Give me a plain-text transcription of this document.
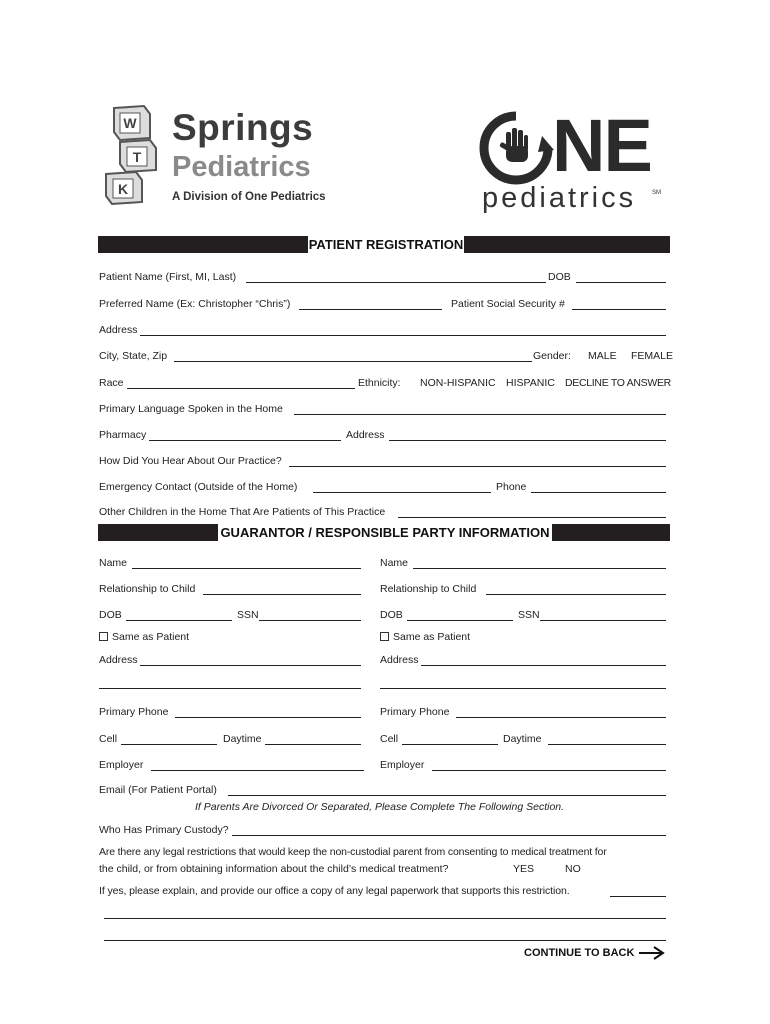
W
T
K
Springs
Pediatrics
A Division of One Pediatrics
NE
pediatrics	SM
PATIENT REGISTRATION
Patient Name (First, MI, Last)	DOB
Preferred Name (Ex: Christopher “Chris”)	Patient Social Security #
Address
City, State, Zip	Gender: MALE FEMALE
Race	Ethnicity: NON-HISPANIC HISPANIC DECLINE TO ANSWER
Primary Language Spoken in the Home
Pharmacy	Address
How Did You Hear About Our Practice?
Emergency Contact (Outside of the Home)	Phone
Other Children in the Home That Are Patients of This Practice
GUARANTOR / RESPONSIBLE PARTY INFORMATION
Name
Relationship to Child
DOB	SSN
Same as Patient
Address
Primary Phone
Cell	Daytime
Employer
Name
Relationship to Child
DOB	SSN
Same as Patient
Address
Primary Phone
Cell	Daytime
Employer
Email (For Patient Portal)
If Parents Are Divorced Or Separated, Please Complete The Following Section.
Who Has Primary Custody?
Are there any legal restrictions that would keep the non-custodial parent from consenting to medical treatment for
the child, or from obtaining information about the child’s medical treatment?	YES	NO
If yes, please explain, and provide our office a copy of any legal paperwork that supports this restriction.
CONTINUE TO BACK
